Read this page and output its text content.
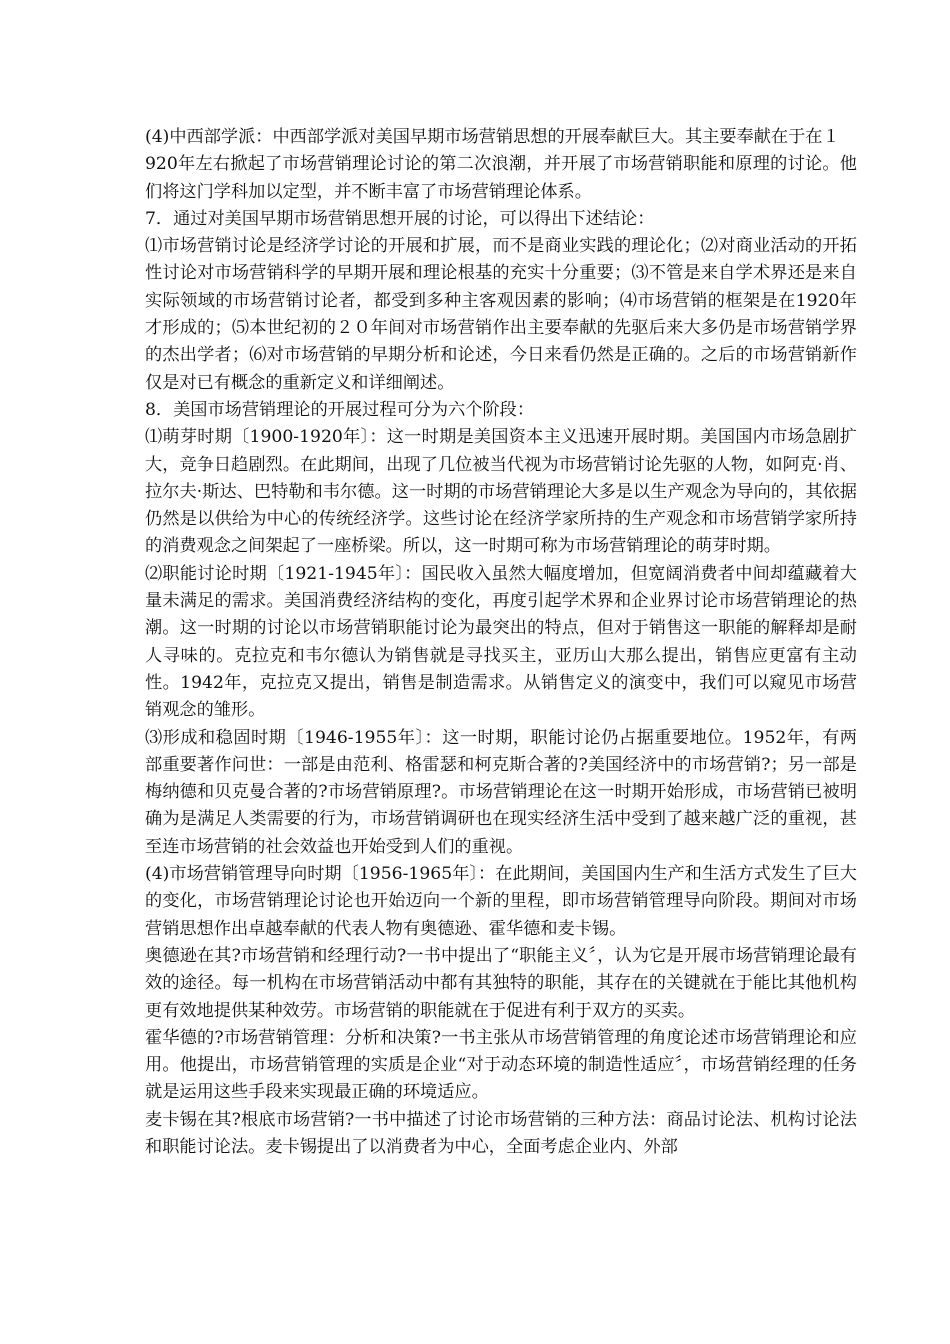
(4)中西部学派：中西部学派对美国早期市场营销思想的开展奉献巨大。其主要奉献在于在１

920年左右掀起了市场营销理论讨论的第二次浪潮，并开展了市场营销职能和原理的讨论。他们将这门学科加以定型，并不断丰富了市场营销理论体系。

7．通过对美国早期市场营销思想开展的讨论，可以得出下述结论：

⑴市场营销讨论是经济学讨论的开展和扩展，而不是商业实践的理论化；⑵对商业活动的开拓性讨论对市场营销科学的早期开展和理论根基的充实十分重要；⑶不管是来自学术界还是来自实际领域的市场营销讨论者，都受到多种主客观因素的影响；⑷市场营销的框架是在1920年才形成的；⑸本世纪初的２０年间对市场营销作出主要奉献的先驱后来大多仍是市场营销学界的杰出学者；⑹对市场营销的早期分析和论述，今日来看仍然是正确的。之后的市场营销新作仅是对已有概念的重新定义和详细阐述。

8．美国市场营销理论的开展过程可分为六个阶段：

⑴萌芽时期〔1900-1920年〕：这一时期是美国资本主义迅速开展时期。美国国内市场急剧扩大，竞争日趋剧烈。在此期间，出现了几位被当代视为市场营销讨论先驱的人物，如阿克·肖、拉尔夫·斯达、巴特勒和韦尔德。这一时期的市场营销理论大多是以生产观念为导向的，其依据仍然是以供给为中心的传统经济学。这些讨论在经济学家所持的生产观念和市场营销学家所持的消费观念之间架起了一座桥梁。所以，这一时期可称为市场营销理论的萌芽时期。

⑵职能讨论时期〔1921-1945年〕：国民收入虽然大幅度增加，但宽阔消费者中间却蕴藏着大量未满足的需求。美国消费经济结构的变化，再度引起学术界和企业界讨论市场营销理论的热潮。这一时期的讨论以市场营销职能讨论为最突出的特点，但对于销售这一职能的解释却是耐人寻味的。克拉克和韦尔德认为销售就是寻找买主，亚历山大那么提出，销售应更富有主动性。1942年，克拉克又提出，销售是制造需求。从销售定义的演变中，我们可以窥见市场营销观念的雏形。

⑶形成和稳固时期〔1946-1955年〕：这一时期，职能讨论仍占据重要地位。1952年，有两部重要著作问世：一部是由范利、格雷瑟和柯克斯合著的?美国经济中的市场营销?；另一部是梅纳德和贝克曼合著的?市场营销原理?。市场营销理论在这一时期开始形成，市场营销已被明确为是满足人类需要的行为，市场营销调研也在现实经济生活中受到了越来越广泛的重视，甚至连市场营销的社会效益也开始受到人们的重视。

(4)市场营销管理导向时期〔1956-1965年〕：在此期间，美国国内生产和生活方式发生了巨大的变化，市场营销理论讨论也开始迈向一个新的里程，即市场营销管理导向阶段。期间对市场营销思想作出卓越奉献的代表人物有奥德逊、霍华德和麦卡锡。

奥德逊在其?市场营销和经理行动?一书中提出了“职能主义〞，认为它是开展市场营销理论最有效的途径。每一机构在市场营销活动中都有其独特的职能，其存在的关键就在于能比其他机构更有效地提供某种效劳。市场营销的职能就在于促进有利于双方的买卖。

霍华德的?市场营销管理：分析和决策?一书主张从市场营销管理的角度论述市场营销理论和应用。他提出，市场营销管理的实质是企业“对于动态环境的制造性适应〞，市场营销经理的任务就是运用这些手段来实现最正确的环境适应。

麦卡锡在其?根底市场营销?一书中描述了讨论市场营销的三种方法：商品讨论法、机构讨论法和职能讨论法。麦卡锡提出了以消费者为中心，全面考虑企业内、外部
